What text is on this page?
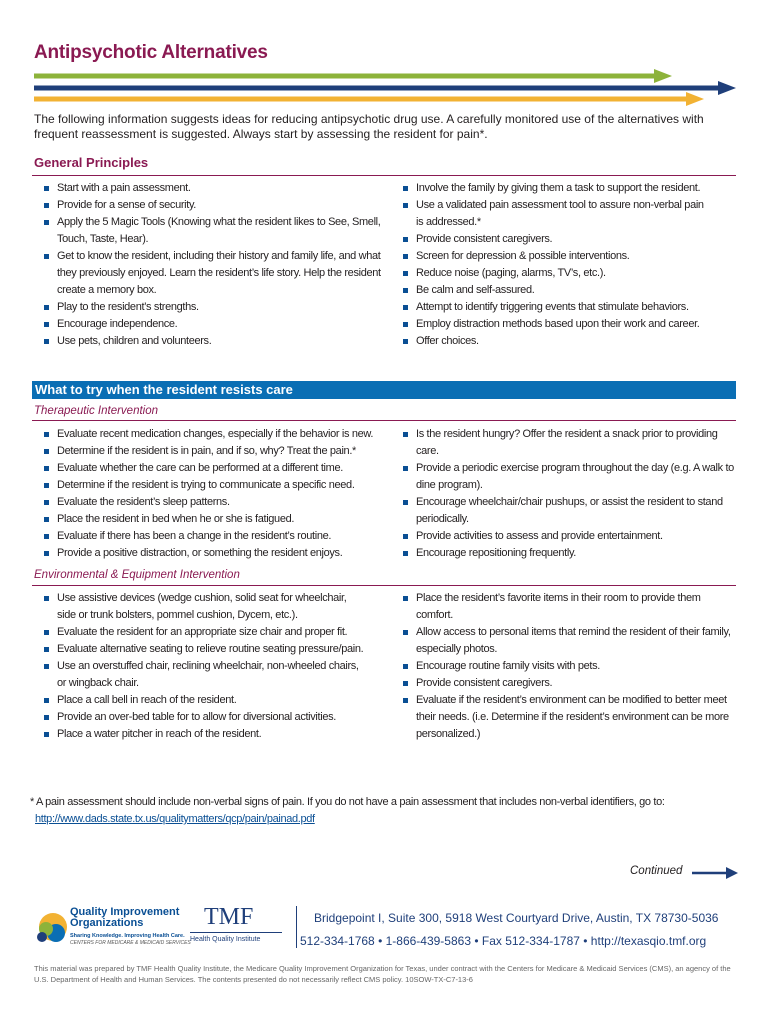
Antipsychotic Alternatives
The following information suggests ideas for reducing antipsychotic drug use. A carefully monitored use of the alternatives with frequent reassessment is suggested. Always start by assessing the resident for pain*.
General Principles
Start with a pain assessment.
Provide for a sense of security.
Apply the 5 Magic Tools (Knowing what the resident likes to See, Smell, Touch, Taste, Hear).
Get to know the resident, including their history and family life, and what they previously enjoyed. Learn the resident’s life story. Help the resident create a memory box.
Play to the resident’s strengths.
Encourage independence.
Use pets, children and volunteers.
Involve the family by giving them a task to support the resident.
Use a validated pain assessment tool to assure non-verbal pain is addressed.*
Provide consistent caregivers.
Screen for depression & possible interventions.
Reduce noise (paging, alarms, TV’s, etc.).
Be calm and self-assured.
Attempt to identify triggering events that stimulate behaviors.
Employ distraction methods based upon their work and career.
Offer choices.
What to try when the resident resists care
Therapeutic Intervention
Evaluate recent medication changes, especially if the behavior is new.
Determine if the resident is in pain, and if so, why? Treat the pain.*
Evaluate whether the care can be performed at a different time.
Determine if the resident is trying to communicate a specific need.
Evaluate the resident’s sleep patterns.
Place the resident in bed when he or she is fatigued.
Evaluate if there has been a change in the resident’s routine.
Provide a positive distraction, or something the resident enjoys.
Is the resident hungry? Offer the resident a snack prior to providing care.
Provide a periodic exercise program throughout the day (e.g. A walk to dine program).
Encourage wheelchair/chair pushups, or assist the resident to stand periodically.
Provide activities to assess and provide entertainment.
Encourage repositioning frequently.
Environmental & Equipment Intervention
Use assistive devices (wedge cushion, solid seat for wheelchair, side or trunk bolsters, pommel cushion, Dycem, etc.).
Evaluate the resident for an appropriate size chair and proper fit.
Evaluate alternative seating to relieve routine seating pressure/pain.
Use an overstuffed chair, reclining wheelchair, non-wheeled chairs, or wingback chair.
Place a call bell in reach of the resident.
Provide an over-bed table for to allow for diversional activities.
Place a water pitcher in reach of the resident.
Place the resident’s favorite items in their room to provide them comfort.
Allow access to personal items that remind the resident of their family, especially photos.
Encourage routine family visits with pets.
Provide consistent caregivers.
Evaluate if the resident’s environment can be modified to better meet their needs. (i.e. Determine if the resident’s environment can be more personalized.)
* A pain assessment should include non-verbal signs of pain. If you do not have a pain assessment that includes non-verbal identifiers, go to:
http://www.dads.state.tx.us/qualitymatters/qcp/pain/painad.pdf
Continued
Quality Improvement
Organizations
Sharing Knowledge. Improving Health Care.
CENTERS FOR MEDICARE & MEDICAID SERVICES
TMF
Health Quality Institute
Bridgepoint I, Suite 300, 5918 West Courtyard Drive, Austin, TX 78730-5036
512-334-1768 • 1-866-439-5863 • Fax 512-334-1787 • http://texasqio.tmf.org
This material was prepared by TMF Health Quality Institute, the Medicare Quality Improvement Organization for Texas, under contract with the Centers for Medicare & Medicaid Services (CMS), an agency of the U.S. Department of Health and Human Services. The contents presented do not necessarily reflect CMS policy. 10SOW-TX-C7-13-6
